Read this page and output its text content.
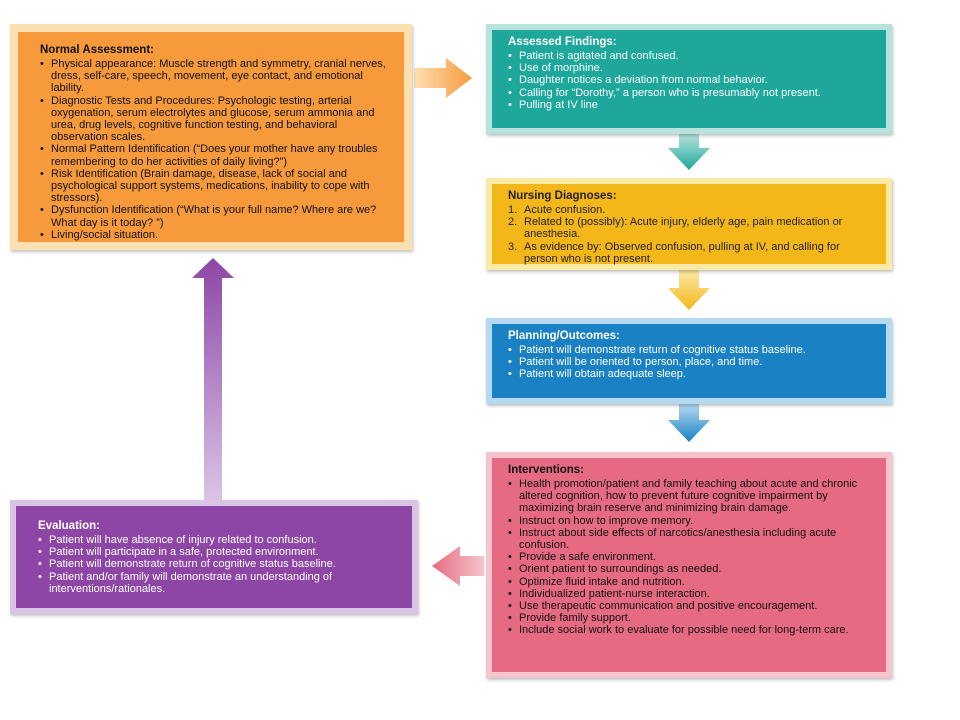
Normal Assessment:
• Physical appearance: Muscle strength and symmetry, cranial nerves, dress, self-care, speech, movement, eye contact, and emotional lability.
• Diagnostic Tests and Procedures: Psychologic testing, arterial oxygenation, serum electrolytes and glucose, serum ammonia and urea, drug levels, cognitive function testing, and behavioral observation scales.
• Normal Pattern Identification (“Does your mother have any troubles remembering to do her activities of daily living?”)
• Risk Identification (Brain damage, disease, lack of social and psychological support systems, medications, inability to cope with stressors).
• Dysfunction Identification (“What is your full name? Where are we? What day is it today? ”)
• Living/social situation.
Assessed Findings:
• Patient is agitated and confused.
• Use of morphine.
• Daughter notices a deviation from normal behavior.
• Calling for “Dorothy,” a person who is presumably not present.
• Pulling at IV line
Nursing Diagnoses:
Acute confusion.
Related to (possibly): Acute injury, elderly age, pain medication or anesthesia.
As evidence by: Observed confusion, pulling at IV, and calling for person who is not present.
Planning/Outcomes:
• Patient will demonstrate return of cognitive status baseline.
• Patient will be oriented to person, place, and time.
• Patient will obtain adequate sleep.
Interventions:
• Health promotion/patient and family teaching about acute and chronic altered cognition, how to prevent future cognitive impairment by maximizing brain reserve and minimizing brain damage.
• Instruct on how to improve memory.
• Instruct about side effects of narcotics/anesthesia including acute confusion.
• Provide a safe environment.
• Orient patient to surroundings as needed.
• Optimize fluid intake and nutrition.
• Individualized patient-nurse interaction.
• Use therapeutic communication and positive encouragement.
• Provide family support.
• Include social work to evaluate for possible need for long-term care.
Evaluation:
• Patient will have absence of injury related to confusion.
• Patient will participate in a safe, protected environment.
• Patient will demonstrate return of cognitive status baseline.
• Patient and/or family will demonstrate an understanding of interventions/rationales.
